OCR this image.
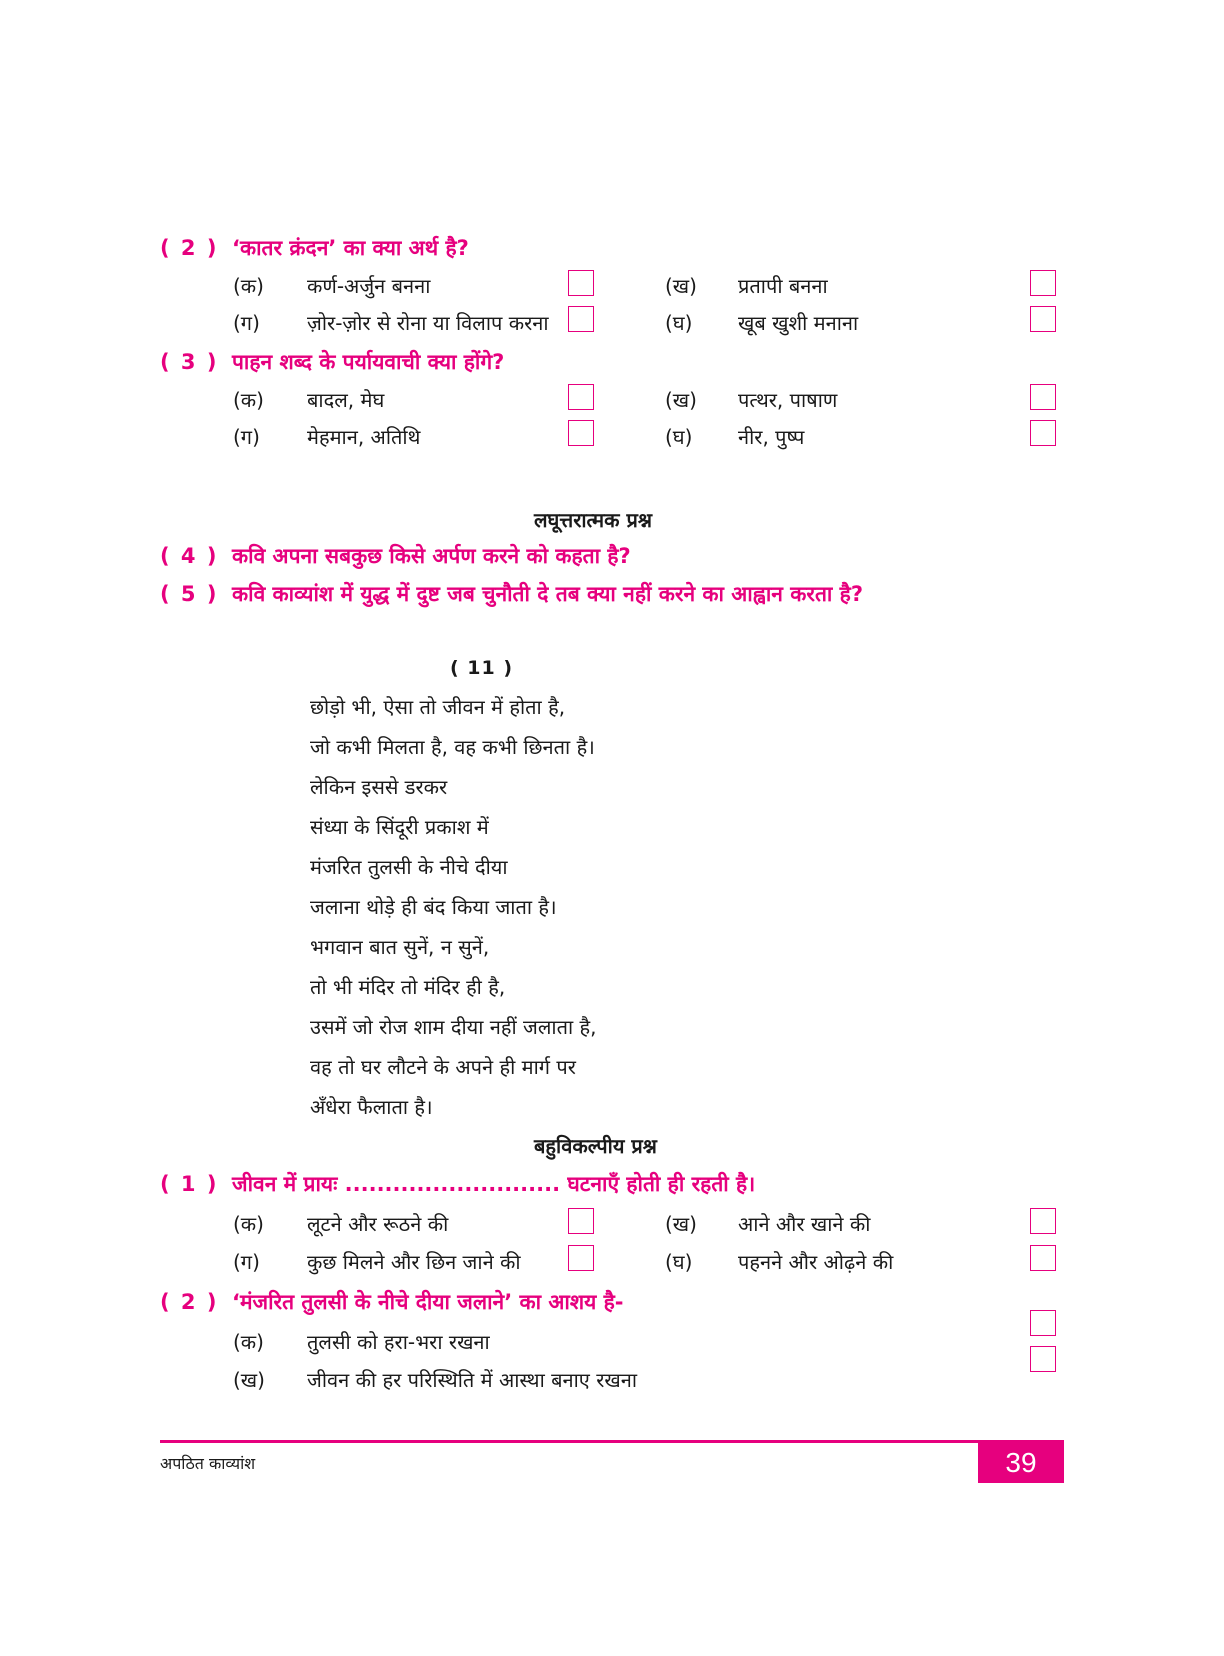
( 2 ) ‘कातर क्रंदन’ का क्या अर्थ है?
(क) कर्ण-अर्जुन बनना	(ख) प्रतापी बनना
(ग) ज़ोर-ज़ोर से रोना या विलाप करना	(घ) खूब खुशी मनाना
( 3 ) पाहन शब्द के पर्यायवाची क्या होंगे?
(क) बादल, मेघ	(ख) पत्थर, पाषाण
(ग) मेहमान, अतिथि	(घ) नीर, पुष्प
लघूत्तरात्मक प्रश्न
( 4 ) कवि अपना सबकुछ किसे अर्पण करने को कहता है?
( 5 ) कवि काव्यांश में युद्ध में दुष्ट जब चुनौती दे तब क्या नहीं करने का आह्वान करता है?
( 11 )
छोड़ो भी, ऐसा तो जीवन में होता है,
जो कभी मिलता है, वह कभी छिनता है।
लेकिन इससे डरकर
संध्या के सिंदूरी प्रकाश में
मंजरित तुलसी के नीचे दीया
जलाना थोड़े ही बंद किया जाता है।
भगवान बात सुनें, न सुनें,
तो भी मंदिर तो मंदिर ही है,
उसमें जो रोज शाम दीया नहीं जलाता है,
वह तो घर लौटने के अपने ही मार्ग पर
अँधेरा फैलाता है।
बहुविकल्पीय प्रश्न
( 1 ) जीवन में प्रायः ........................... घटनाएँ होती ही रहती है।
(क) लूटने और रूठने की	(ख) आने और खाने की
(ग) कुछ मिलने और छिन जाने की	(घ) पहनने और ओढ़ने की
( 2 ) ‘मंजरित तुलसी के नीचे दीया जलाने’ का आशय है-
(क) तुलसी को हरा-भरा रखना
(ख) जीवन की हर परिस्थिति में आस्था बनाए रखना
अपठित काव्यांश	39
